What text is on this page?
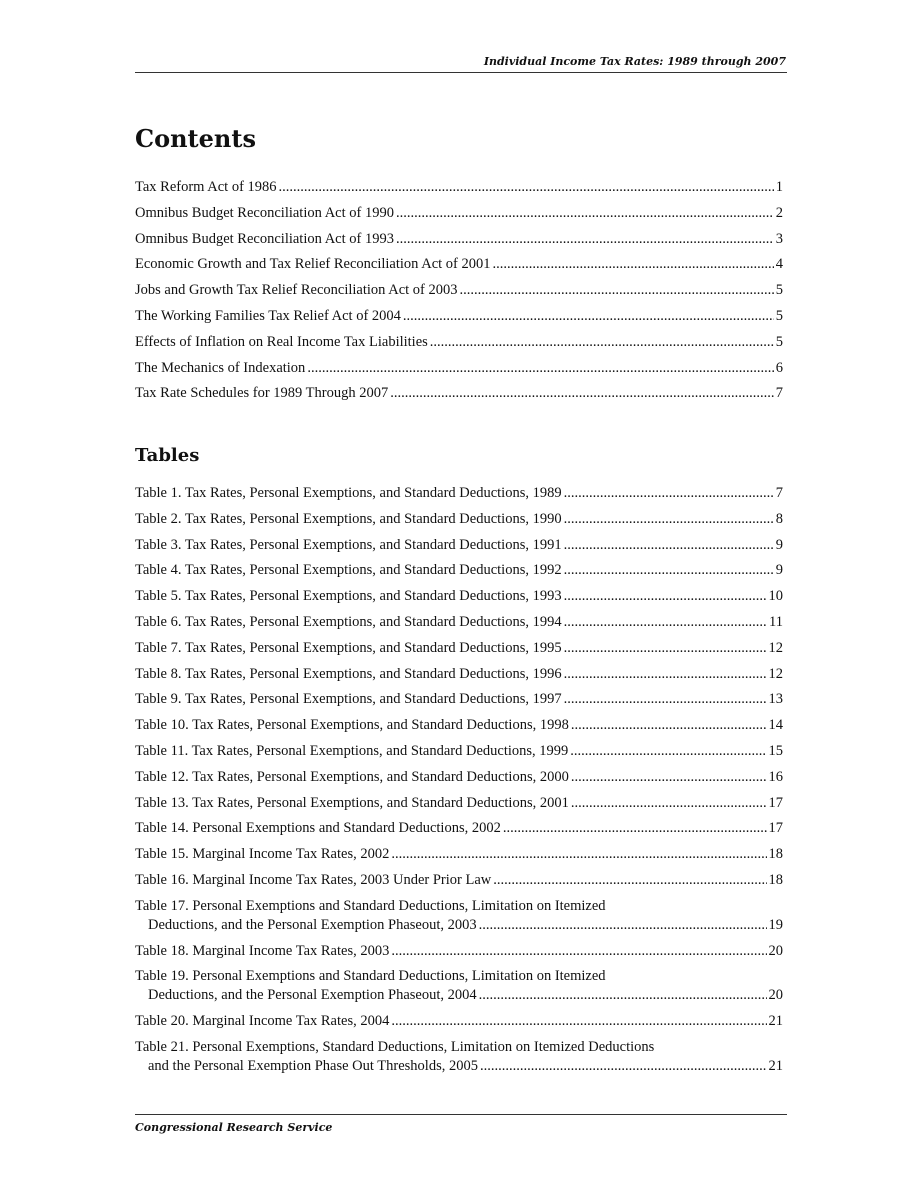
Individual Income Tax Rates: 1989 through 2007
Contents
Tax Reform Act of 1986 .....	1
Omnibus Budget Reconciliation Act of 1990 .....	2
Omnibus Budget Reconciliation Act of 1993 .....	3
Economic Growth and Tax Relief Reconciliation Act of 2001 .....	4
Jobs and Growth Tax Relief Reconciliation Act of 2003 .....	5
The Working Families Tax Relief Act of 2004 .....	5
Effects of Inflation on Real Income Tax Liabilities .....	5
The Mechanics of Indexation .....	6
Tax Rate Schedules for 1989 Through 2007 .....	7
Tables
Table 1. Tax Rates, Personal Exemptions, and Standard Deductions, 1989 .....	7
Table 2. Tax Rates, Personal Exemptions, and Standard Deductions, 1990 .....	8
Table 3. Tax Rates, Personal Exemptions, and Standard Deductions, 1991 .....	9
Table 4. Tax Rates, Personal Exemptions, and Standard Deductions, 1992 .....	9
Table 5. Tax Rates, Personal Exemptions, and Standard Deductions, 1993 .....	10
Table 6. Tax Rates, Personal Exemptions, and Standard Deductions, 1994 .....	11
Table 7. Tax Rates, Personal Exemptions, and Standard Deductions, 1995 .....	12
Table 8. Tax Rates, Personal Exemptions, and Standard Deductions, 1996 .....	12
Table 9. Tax Rates, Personal Exemptions, and Standard Deductions, 1997 .....	13
Table 10. Tax Rates, Personal Exemptions, and Standard Deductions, 1998 .....	14
Table 11. Tax Rates, Personal Exemptions, and Standard Deductions, 1999 .....	15
Table 12. Tax Rates, Personal Exemptions, and Standard Deductions, 2000 .....	16
Table 13. Tax Rates, Personal Exemptions, and Standard Deductions, 2001 .....	17
Table 14. Personal Exemptions and Standard Deductions, 2002 .....	17
Table 15. Marginal Income Tax Rates, 2002 .....	18
Table 16. Marginal Income Tax Rates, 2003 Under Prior Law .....	18
Table 17. Personal Exemptions and Standard Deductions, Limitation on Itemized
Deductions, and the Personal Exemption Phaseout, 2003 .....	19
Table 18. Marginal Income Tax Rates, 2003 .....	20
Table 19. Personal Exemptions and Standard Deductions, Limitation on Itemized
Deductions, and the Personal Exemption Phaseout, 2004 .....	20
Table 20. Marginal Income Tax Rates, 2004 .....	21
Table 21. Personal Exemptions, Standard Deductions, Limitation on Itemized Deductions
and the Personal Exemption Phase Out Thresholds, 2005 .....	21
Congressional Research Service
